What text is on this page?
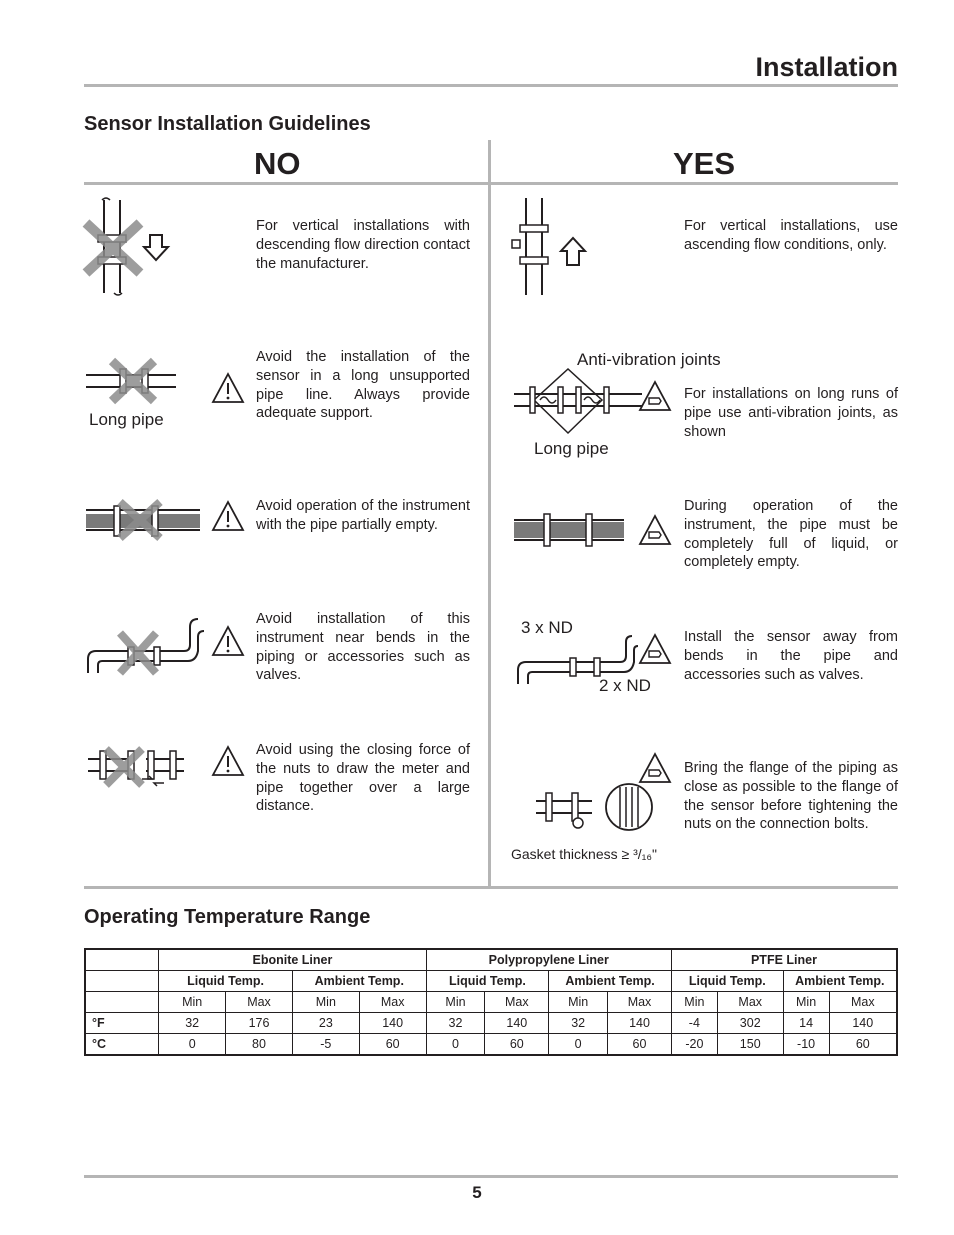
Installation
Sensor Installation Guidelines
NO	YES
For vertical installations with descending flow direction contact the manufacturer.
Avoid the installation of the sensor in a long unsupported pipe line. Always provide adequate support.
Avoid operation of the instrument with the pipe partially empty.
Avoid installation of this instrument near bends in the piping or accessories such as valves.
Avoid using the closing force of the nuts to draw the meter and pipe together over a large distance.
For vertical installations, use ascending flow conditions, only.
For installations on long runs of pipe use anti-vibration joints, as shown
During operation of the instrument, the pipe must be completely full of liquid, or completely empty.
Install the sensor away from bends in the pipe and accessories such as valves.
Bring the flange of the piping as close as possible to the flange of the sensor before tightening the nuts on the connection bolts.
Long pipe
Anti-vibration joints
Long pipe
3 x ND
2 x ND
Gasket thickness ≥ ³/₁₆"
Operating Temperature Range
	Ebonite Liner				Polypropylene Liner				PTFE Liner			
	Liquid Temp.		Ambient Temp.		Liquid Temp.		Ambient Temp.		Liquid Temp.		Ambient Temp.	
	Min	Max	Min	Max	Min	Max	Min	Max	Min	Max	Min	Max
°F	32	176	23	140	32	140	32	140	-4	302	14	140
°C	0	80	-5	60	0	60	0	60	-20	150	-10	60
5
